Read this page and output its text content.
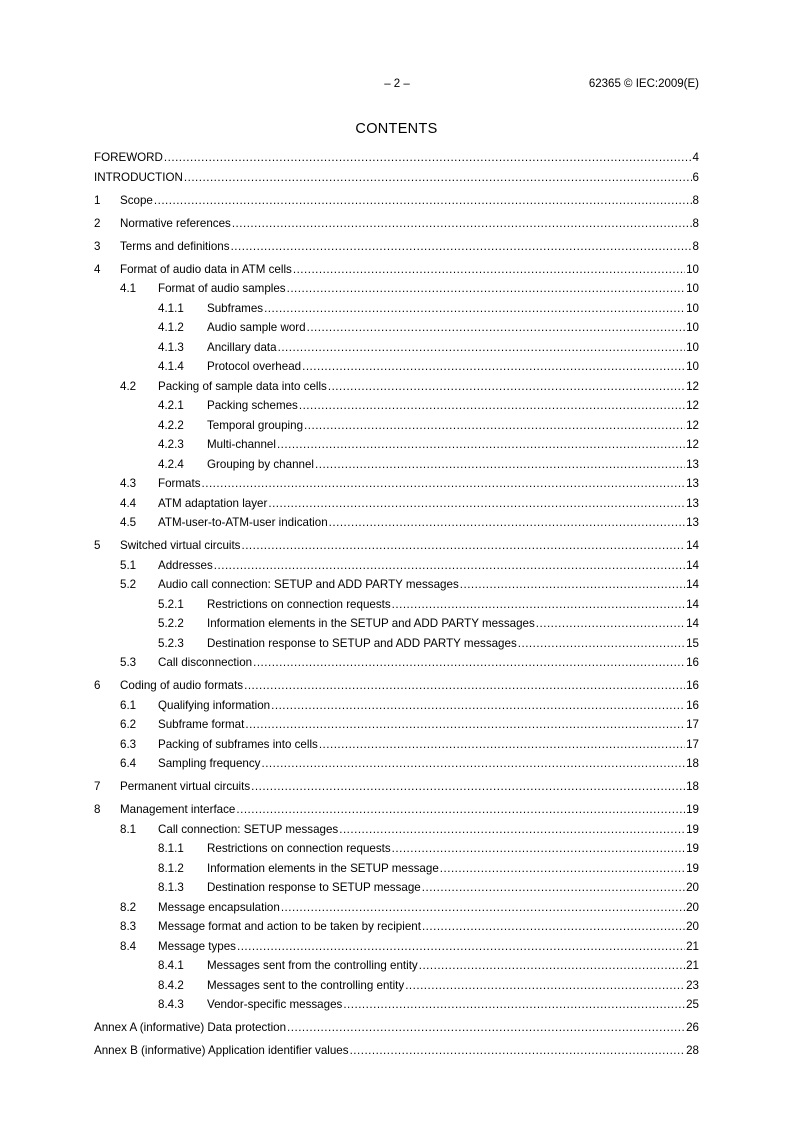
– 2 –	62365 © IEC:2009(E)
CONTENTS
FOREWORD .....	4
INTRODUCTION .....	6
1	Scope .....	8
2	Normative references .....	8
3	Terms and definitions .....	8
4	Format of audio data in ATM cells .....	10
4.1	Format of audio samples .....	10
4.1.1	Subframes .....	10
4.1.2	Audio sample word .....	10
4.1.3	Ancillary data .....	10
4.1.4	Protocol overhead .....	10
4.2	Packing of sample data into cells .....	12
4.2.1	Packing schemes .....	12
4.2.2	Temporal grouping .....	12
4.2.3	Multi-channel .....	12
4.2.4	Grouping by channel .....	13
4.3	Formats .....	13
4.4	ATM adaptation layer .....	13
4.5	ATM-user-to-ATM-user indication .....	13
5	Switched virtual circuits .....	14
5.1	Addresses .....	14
5.2	Audio call connection: SETUP and ADD PARTY messages .....	14
5.2.1	Restrictions on connection requests .....	14
5.2.2	Information elements in the SETUP and ADD PARTY messages .....	14
5.2.3	Destination response to SETUP and ADD PARTY messages .....	15
5.3	Call disconnection .....	16
6	Coding of audio formats .....	16
6.1	Qualifying information .....	16
6.2	Subframe format .....	17
6.3	Packing of subframes into cells .....	17
6.4	Sampling frequency .....	18
7	Permanent virtual circuits .....	18
8	Management interface .....	19
8.1	Call connection: SETUP messages .....	19
8.1.1	Restrictions on connection requests .....	19
8.1.2	Information elements in the SETUP message .....	19
8.1.3	Destination response to SETUP message .....	20
8.2	Message encapsulation .....	20
8.3	Message format and action to be taken by recipient .....	20
8.4	Message types .....	21
8.4.1	Messages sent from the controlling entity .....	21
8.4.2	Messages sent to the controlling entity .....	23
8.4.3	Vendor-specific messages .....	25
Annex A (informative) Data protection .....	26
Annex B (informative) Application identifier values .....	28
